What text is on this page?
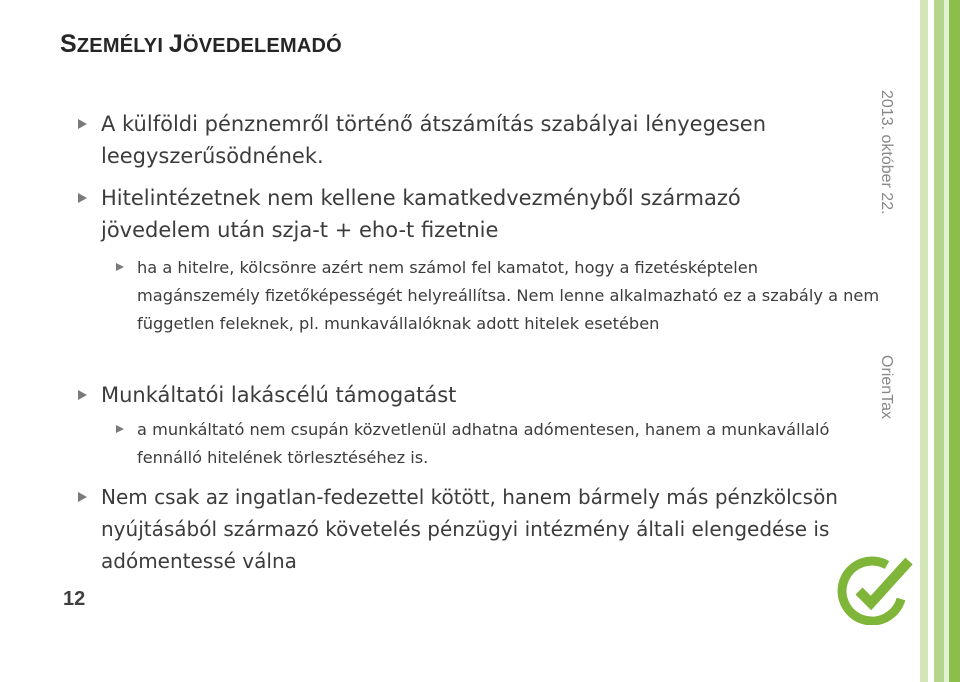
SZEMÉLYI JÖVEDELEMADÓ
A külföldi pénznemről történő átszámítás szabályai lényegesen leegyszerűsödnének.
Hitelintézetnek nem kellene kamatkedvezményből származó jövedelem után szja-t + eho-t fizetnie
ha a hitelre, kölcsönre azért nem számol fel kamatot, hogy a fizetésképtelen magánszemély fizetőképességét helyreállítsa. Nem lenne alkalmazható ez a szabály a nem független feleknek, pl. munkavállalóknak adott hitelek esetében
Munkáltatói lakáscélú támogatást
a munkáltató nem csupán közvetlenül adhatna adómentesen, hanem a munkavállaló fennálló hitelének törlesztéséhez is.
Nem csak az ingatlan-fedezettel kötött, hanem bármely más pénzkölcsön nyújtásából származó követelés pénzügyi intézmény általi elengedése is adómentessé válna
12
2013. október 22.
OrienTax
